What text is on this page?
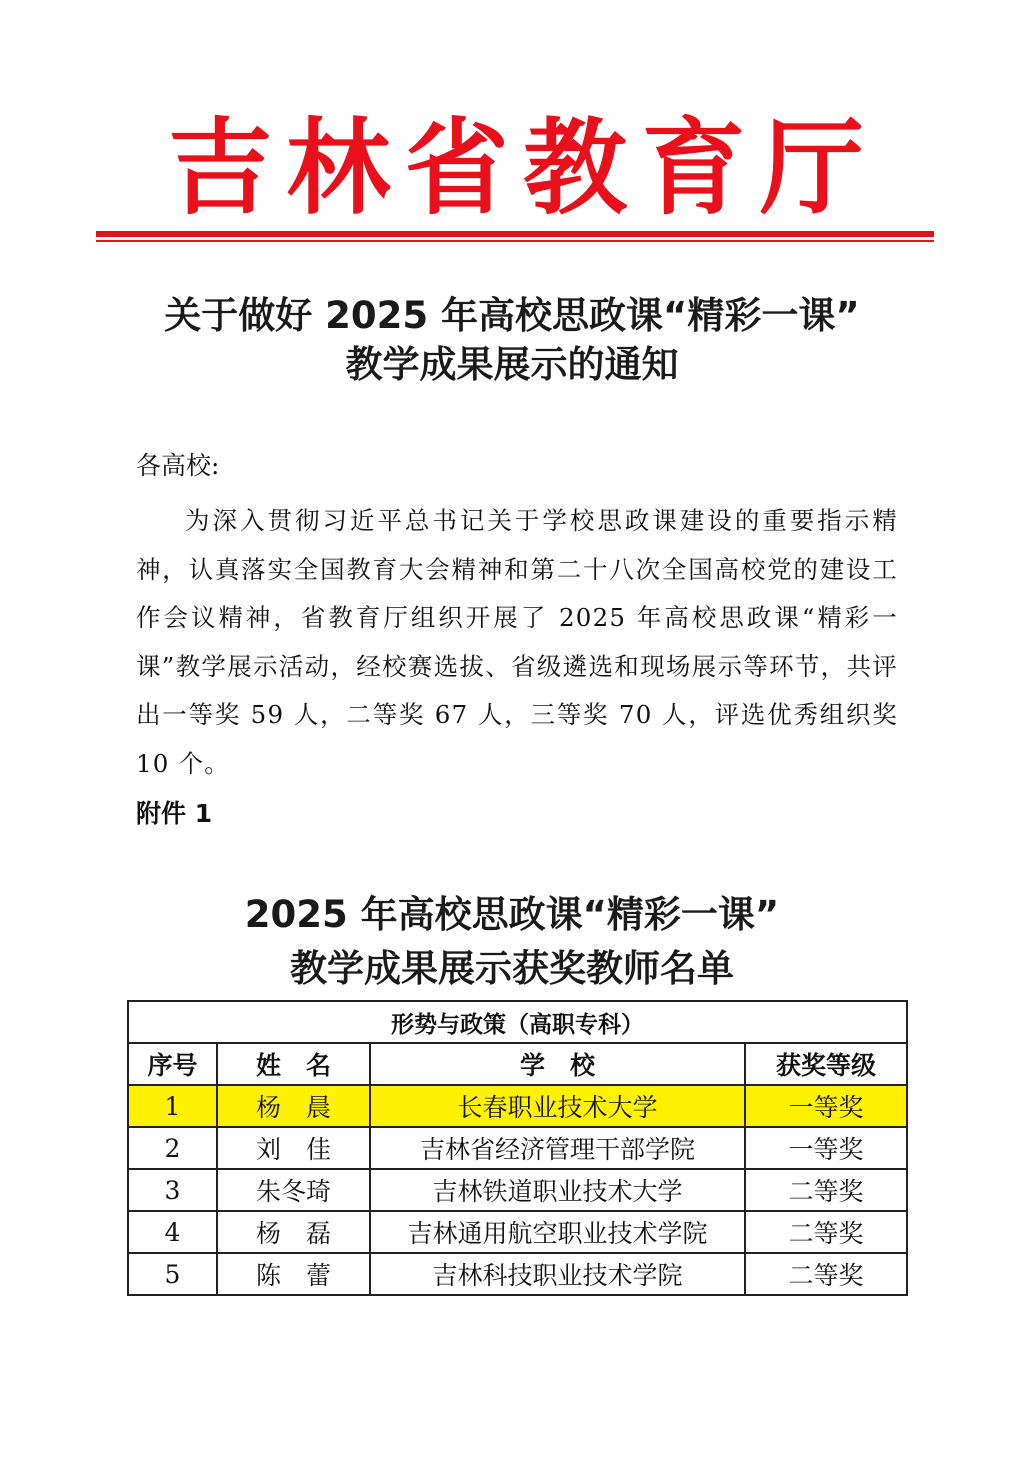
吉 林 省 教 育 厅
关于做好 2025 年高校思政课“精彩一课”
教学成果展示的通知
各高校:
为深入贯彻习近平总书记关于学校思政课建设的重要指示精神，认真落实全国教育大会精神和第二十八次全国高校党的建设工作会议精神，省教育厅组织开展了 2025 年高校思政课“精彩一课”教学展示活动，经校赛选拔、省级遴选和现场展示等环节，共评出一等奖 59 人，二等奖 67 人，三等奖 70 人，评选优秀组织奖 10 个。
附件 1
2025 年高校思政课“精彩一课”
教学成果展示获奖教师名单
形势与政策（高职专科）			
序号	姓　名	学　校	获奖等级
1	杨　晨	长春职业技术大学	一等奖
2	刘　佳	吉林省经济管理干部学院	一等奖
3	朱冬琦	吉林铁道职业技术大学	二等奖
4	杨　磊	吉林通用航空职业技术学院	二等奖
5	陈　蕾	吉林科技职业技术学院	二等奖
